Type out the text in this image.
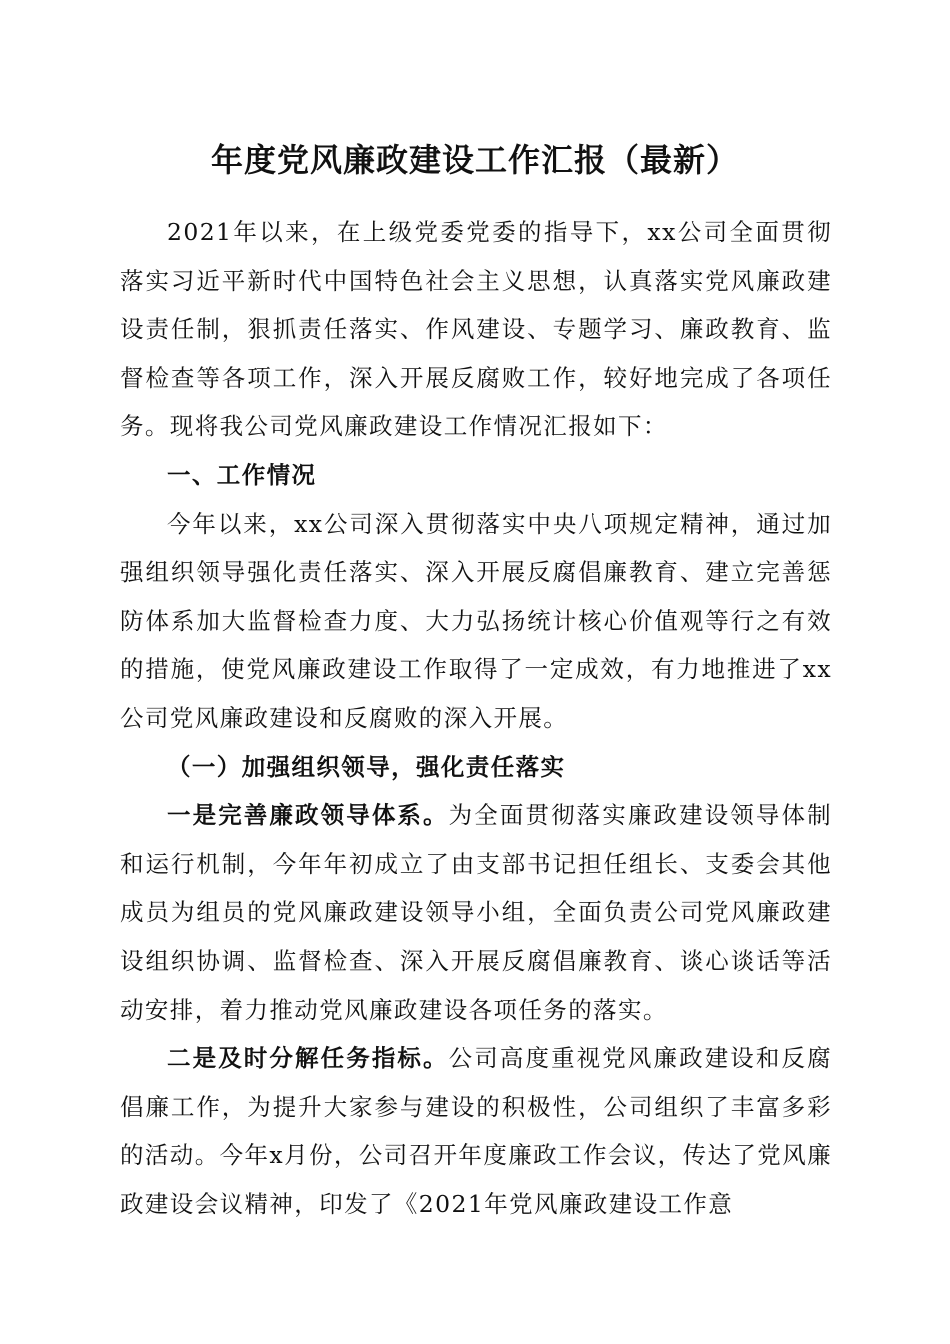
年度党风廉政建设工作汇报（最新）

2021年以来，在上级党委党委的指导下，xx公司全面贯彻落实习近平新时代中国特色社会主义思想，认真落实党风廉政建设责任制，狠抓责任落实、作风建设、专题学习、廉政教育、监督检查等各项工作，深入开展反腐败工作，较好地完成了各项任务。现将我公司党风廉政建设工作情况汇报如下：

一、工作情况

今年以来，xx公司深入贯彻落实中央八项规定精神，通过加强组织领导强化责任落实、深入开展反腐倡廉教育、建立完善惩防体系加大监督检查力度、大力弘扬统计核心价值观等行之有效的措施，使党风廉政建设工作取得了一定成效，有力地推进了xx公司党风廉政建设和反腐败的深入开展。

（一）加强组织领导，强化责任落实

一是完善廉政领导体系。为全面贯彻落实廉政建设领导体制和运行机制，今年年初成立了由支部书记担任组长、支委会其他成员为组员的党风廉政建设领导小组，全面负责公司党风廉政建设组织协调、监督检查、深入开展反腐倡廉教育、谈心谈话等活动安排，着力推动党风廉政建设各项任务的落实。

二是及时分解任务指标。公司高度重视党风廉政建设和反腐倡廉工作，为提升大家参与建设的积极性，公司组织了丰富多彩的活动。今年x月份，公司召开年度廉政工作会议，传达了党风廉政建设会议精神，印发了《2021年党风廉政建设工作意
